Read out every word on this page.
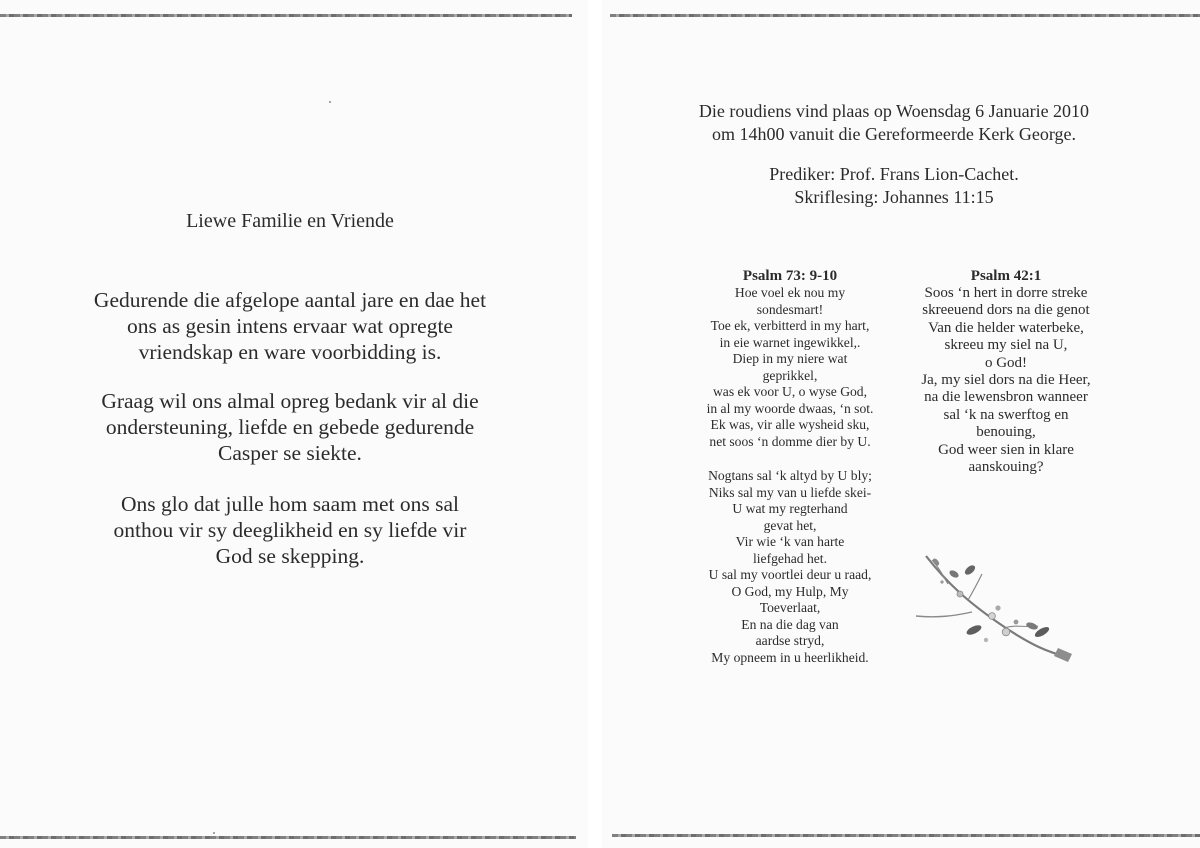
Liewe Familie en Vriende
Gedurende die afgelope aantal jare en dae het
ons as gesin intens ervaar wat opregte
vriendskap en ware voorbidding is.
Graag wil ons almal opreg bedank vir al die
ondersteuning, liefde en gebede gedurende
Casper se siekte.
Ons glo dat julle hom saam met ons sal
onthou vir sy deeglikheid en sy liefde vir
God se skepping.
Die roudiens vind plaas op Woensdag 6 Januarie 2010
om 14h00 vanuit die Gereformeerde Kerk George.
Prediker: Prof. Frans Lion-Cachet.
Skriflesing: Johannes 11:15
Psalm 73: 9-10

Hoe voel ek nou my

sondesmart!

Toe ek, verbitterd in my hart,

in eie warnet ingewikkel,.

Diep in my niere wat

geprikkel,

was ek voor U, o wyse God,

in al my woorde dwaas, ‘n sot.

Ek was, vir alle wysheid sku,

net soos ‘n domme dier by U.

Nogtans sal ‘k altyd by U bly;

Niks sal my van u liefde skei-

U wat my regterhand

gevat het,

Vir wie ‘k van harte

liefgehad het.

U sal my voortlei deur u raad,

O God, my Hulp, My

Toeverlaat,

En na die dag van

aardse stryd,

My opneem in u heerlikheid.

Psalm 42:1

Soos ‘n hert in dorre streke

skreeuend dors na die genot

Van die helder waterbeke,

skreeu my siel na U,

o God!

Ja, my siel dors na die Heer,

na die lewensbron wanneer

sal ‘k na swerftog en

benouing,

God weer sien in klare

aanskouing?
